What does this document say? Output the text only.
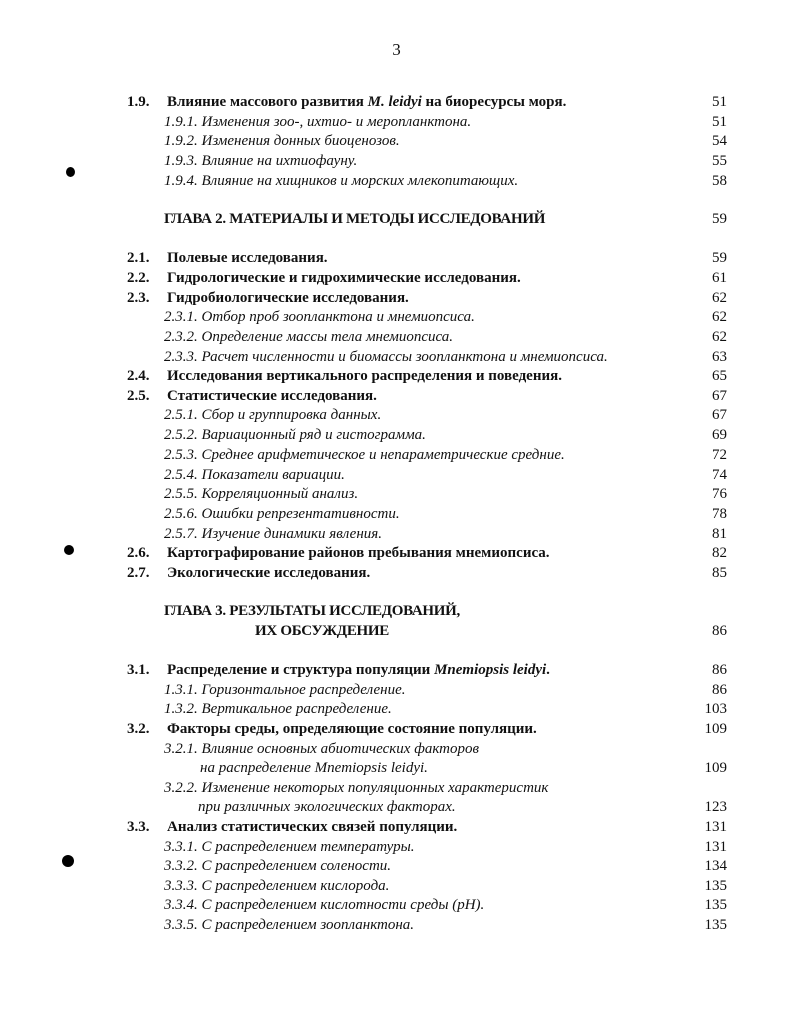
3
1.9. Влияние массового развития M. leidyi на биоресурсы моря.	51
1.9.1. Изменения зоо-, ихтио- и меропланктона.	51
1.9.2. Изменения донных биоценозов.	54
1.9.3. Влияние на ихтиофауну.	55
1.9.4. Влияние на хищников и морских млекопитающих.	58
ГЛАВА 2. МАТЕРИАЛЫ И МЕТОДЫ ИССЛЕДОВАНИЙ	59
2.1. Полевые исследования.	59
2.2. Гидрологические и гидрохимические исследования.	61
2.3. Гидробиологические исследования.	62
2.3.1. Отбор проб зоопланктона и мнемиопсиса.	62
2.3.2. Определение массы тела мнемиопсиса.	62
2.3.3. Расчет численности и биомассы зоопланктона и мнемиопсиса.	63
2.4. Исследования вертикального распределения и поведения.	65
2.5. Статистические исследования.	67
2.5.1. Сбор и группировка данных.	67
2.5.2. Вариационный ряд и гистограмма.	69
2.5.3. Среднее арифметическое и непараметрические средние.	72
2.5.4. Показатели вариации.	74
2.5.5. Корреляционный анализ.	76
2.5.6. Ошибки репрезентативности.	78
2.5.7. Изучение динамики явления.	81
2.6. Картографирование районов пребывания мнемиопсиса.	82
2.7. Экологические исследования.	85
ГЛАВА 3. РЕЗУЛЬТАТЫ ИССЛЕДОВАНИЙ,
ИХ ОБСУЖДЕНИЕ	86
3.1. Распределение и структура популяции Mnemiopsis leidyi.	86
1.3.1. Горизонтальное распределение.	86
1.3.2. Вертикальное распределение.	103
3.2. Факторы среды, определяющие состояние популяции.	109
3.2.1. Влияние основных абиотических факторов
на распределение Mnemiopsis leidyi.	109
3.2.2. Изменение некоторых популяционных характеристик
при различных экологических факторах.	123
3.3. Анализ статистических связей популяции.	131
3.3.1. С распределением температуры.	131
3.3.2. С распределением солености.	134
3.3.3. С распределением кислорода.	135
3.3.4. С распределением кислотности среды (рН).	135
3.3.5. С распределением зоопланктона.	135
